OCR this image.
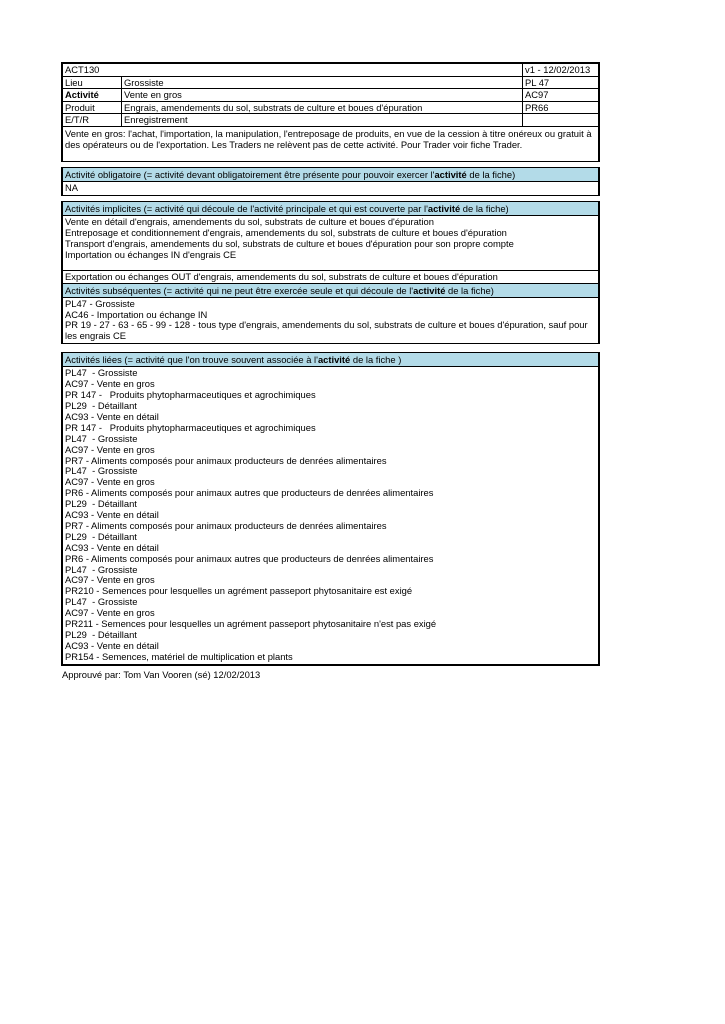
ACT130	v1 - 12/02/2013
Lieu	Grossiste	PL 47
Activité	Vente en gros	AC97
Produit	Engrais, amendements du sol, substrats de culture et boues d'épuration	PR66
E/T/R	Enregistrement
Vente en gros: l'achat, l'importation, la manipulation, l'entreposage de produits, en vue de la cession à titre onéreux ou gratuit à des opérateurs ou de l'exportation. Les Traders ne relèvent pas de cette activité. Pour Trader voir fiche Trader.
Activité obligatoire (= activité devant obligatoirement être présente pour pouvoir exercer l'activité de la fiche)
NA
Activités implicites (= activité qui découle de l'activité principale et qui est couverte par l'activité de la fiche)
Vente en détail d'engrais, amendements du sol, substrats de culture et boues d'épuration
Entreposage et conditionnement d'engrais, amendements du sol, substrats de culture et boues d'épuration
Transport d'engrais, amendements du sol, substrats de culture et boues d'épuration pour son propre compte
Importation ou échanges IN d'engrais CE
Exportation ou échanges OUT d'engrais, amendements du sol, substrats de culture et boues d'épuration
Activités subséquentes (= activité qui ne peut être exercée seule et qui découle de l'activité de la fiche)
PL47 - Grossiste
AC46 - Importation ou échange IN
PR 19 - 27 - 63 - 65 - 99 - 128 - tous type d'engrais, amendements du sol, substrats de culture et boues d'épuration, sauf pour les engrais CE
Activités liées (= activité que l'on trouve souvent associée à l'activité de la fiche )
PL47  - Grossiste
AC97 - Vente en gros
PR 147 -   Produits phytopharmaceutiques et agrochimiques
PL29  - Détaillant
AC93 - Vente en détail
PR 147 -   Produits phytopharmaceutiques et agrochimiques
PL47  - Grossiste
AC97 - Vente en gros
PR7 - Aliments composés pour animaux producteurs de denrées alimentaires
PL47  - Grossiste
AC97 - Vente en gros
PR6 - Aliments composés pour animaux autres que producteurs de denrées alimentaires
PL29  - Détaillant
AC93 - Vente en détail
PR7 - Aliments composés pour animaux producteurs de denrées alimentaires
PL29  - Détaillant
AC93 - Vente en détail
PR6 - Aliments composés pour animaux autres que producteurs de denrées alimentaires
PL47  - Grossiste
AC97 - Vente en gros
PR210 - Semences pour lesquelles un agrément passeport phytosanitaire est exigé
PL47  - Grossiste
AC97 - Vente en gros
PR211 - Semences pour lesquelles un agrément passeport phytosanitaire n'est pas exigé
PL29  - Détaillant
AC93 - Vente en détail
PR154 - Semences, matériel de multiplication et plants
Approuvé par: Tom Van Vooren (sé) 12/02/2013
